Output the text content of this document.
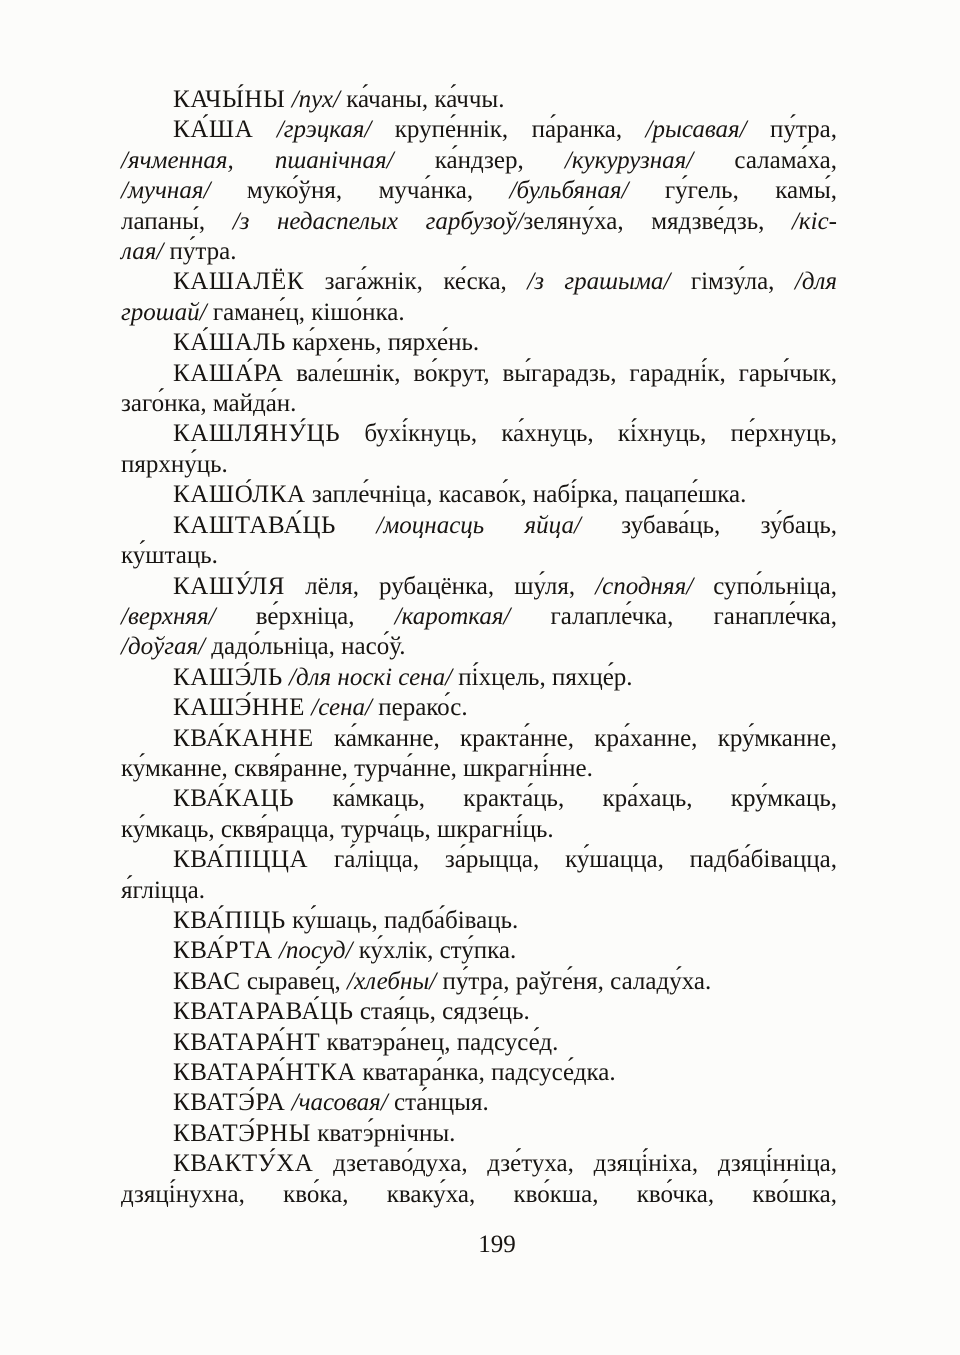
КАЧЫ́НЫ /пух/ ка́чаны, ка́ччы.
КА́ША /грэцкая/ крупе́ннік, па́ранка, /рысавая/ пу́тра,
/ячменная, пшанічная/ ка́ндзер, /кукурузная/ салама́ха,
/мучная/ муко́ўня, муча́нка, /бульбяная/ гу́гель, камы́,
лапаны́, /з недаспелых гарбузоў/зеляну́ха, мядзве́дзь, /кіс-
лая/ пу́тра.
КАШАЛЁК зага́жнік, ке́ска, /з грашыма/ гімзу́ла, /для
грошай/ гамане́ц, кішо́нка.
КА́ШАЛЬ ка́рхень, пярхе́нь.
КАША́РА вале́шнік, во́крут, вы́гарадзь, гарадні́к, гары́чык,
заго́нка, майда́н.
КАШЛЯНУ́ЦЬ бухі́кнуць, ка́хнуць, кі́хнуць, пе́рхнуць,
пярхну́ць.
КАШО́ЛКА запле́чніца, касаво́к, набі́рка, пацапе́шка.
КАШТАВА́ЦЬ /моцнасць яйца/ зубава́ць, зу́баць,
ку́штаць.
КАШУ́ЛЯ лёля, рубацёнка, шу́ля, /сподняя/ супо́льніца,
/верхняя/ ве́рхніца, /кароткая/ галапле́чка, ганапле́чка,
/доўгая/ дадо́льніца, насо́ў.
КАШЭ́ЛЬ /для носкі сена/ пі́хцель, пяхце́р.
КАШЭ́ННЕ /сена/ перако́с.
КВА́КАННЕ ка́мканне, кракта́нне, кра́ханне, кру́мканне,
ку́мканне, сквя́ранне, турча́нне, шкрагні́нне.
КВА́КАЦЬ ка́мкаць, кракта́ць, кра́хаць, кру́мкаць,
ку́мкаць, сквя́рацца, турча́ць, шкрагні́ць.
КВА́ПІЦЦА га́ліцца, за́рыцца, ку́шацца, падба́бівацца,
я́гліцца.
КВА́ПІЦЬ ку́шаць, падба́біваць.
КВА́РТА /посуд/ ку́хлік, сту́пка.
КВАС сыраве́ц, /хлебны/ пу́тра, раўге́ня, саладу́ха.
КВАТАРАВА́ЦЬ стая́ць, сядзе́ць.
КВАТАРА́НТ кватэра́нец, падсусе́д.
КВАТАРА́НТКА кватара́нка, падсусе́дка.
КВАТЭ́РА /часовая/ ста́нцыя.
КВАТЭ́РНЫ кватэ́рнічны.
КВАКТУ́ХА дзетаво́духа, дзе́туха, дзяці́ніха, дзяці́нніца,
дзяці́нухна, кво́ка, кваку́ха, кво́кша, кво́чка, кво́шка,
199
